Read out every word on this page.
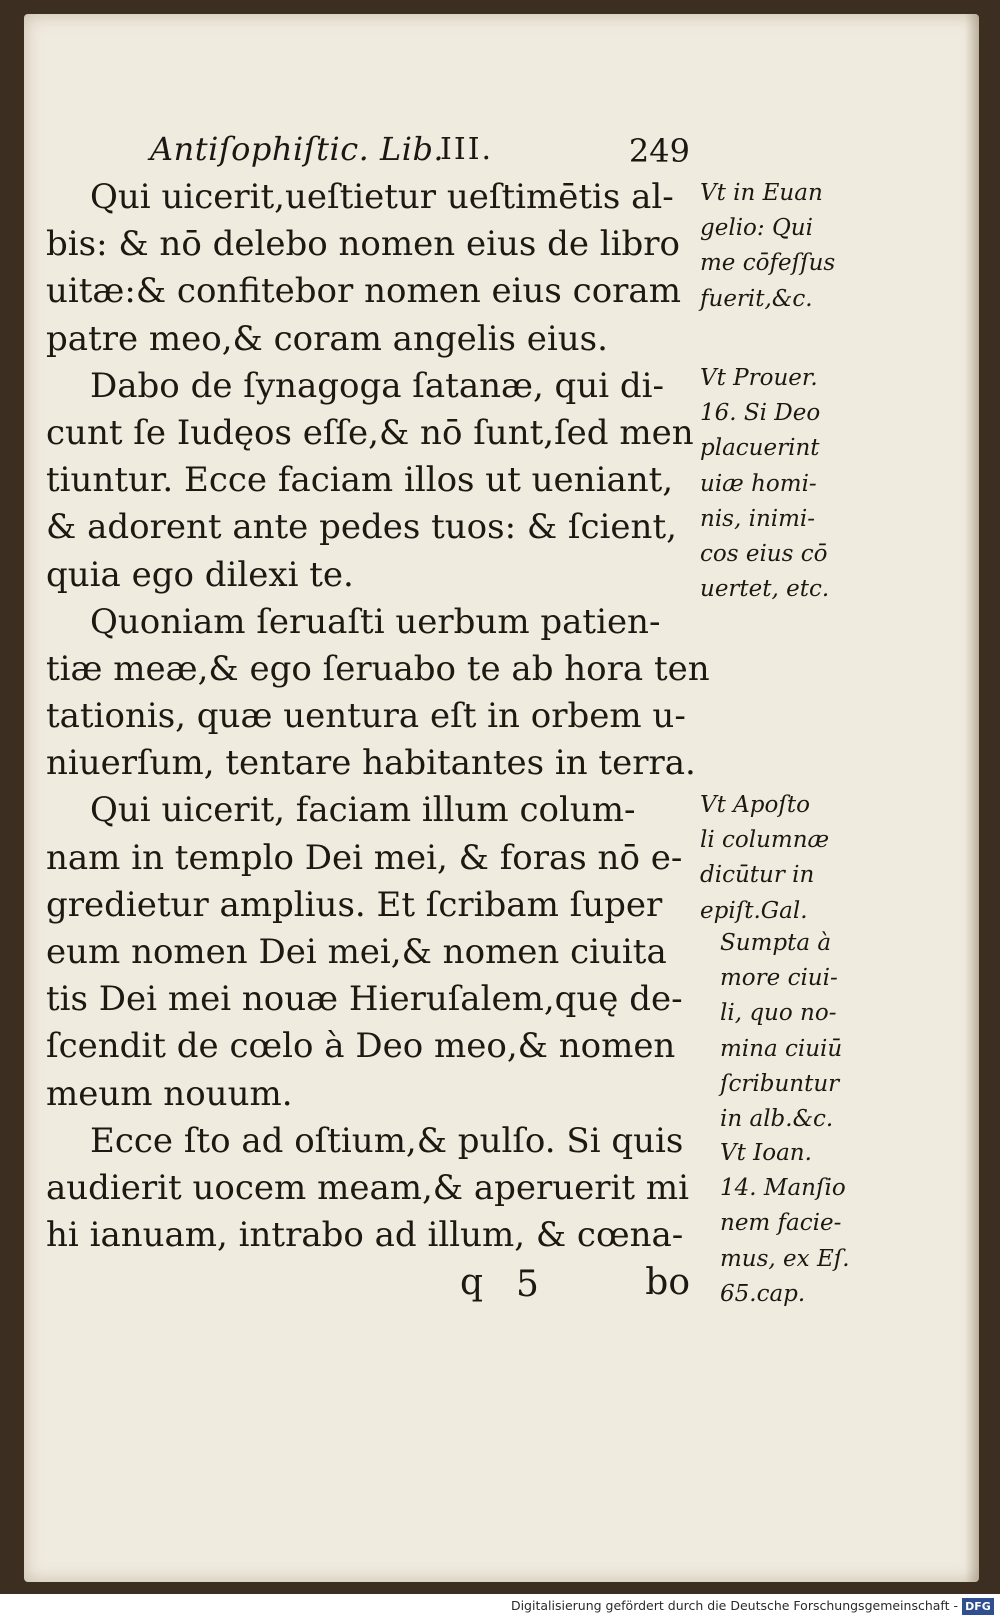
Antiſophiſtic. Lib.
III.	249
Qui uicerit,ueſtietur ueſtimētis al-
bis: & nō delebo nomen eius de libro
uitæ:& confitebor nomen eius coram
patre meo,& coram angelis eius.
Dabo de ſynagoga ſatanæ, qui di-
cunt ſe Iudęos eſſe,& nō ſunt,ſed men
tiuntur. Ecce faciam illos ut ueniant,
& adorent ante pedes tuos: & ſcient,
quia ego dilexi te.
Quoniam ſeruaſti uerbum patien-
tiæ meæ,& ego ſeruabo te ab hora ten
tationis, quæ uentura eſt in orbem u-
niuerſum, tentare habitantes in terra.
Qui uicerit, faciam illum colum-
nam in templo Dei mei, & foras nō e-
gredietur amplius. Et ſcribam ſuper
eum nomen Dei mei,& nomen ciuita
tis Dei mei nouæ Hieruſalem,quę de-
ſcendit de cœlo à Deo meo,& nomen
meum nouum.
Ecce ſto ad oſtium,& pulſo. Si quis
audierit uocem meam,& aperuerit mi
hi ianuam, intrabo ad illum, & cœna-
Vt in Euan
gelio: Qui
me cōfeſſus
fuerit,&c.
Vt Prouer.
16. Si Deo
placuerint
uiæ homi-
nis, inimi-
cos eius cō
uertet, etc.
Vt Apoſto
li columnæ
dicūtur in
epiſt.Gal.
Sumpta à
more ciui-
li, quo no-
mina ciuiū
ſcribuntur
in alb.&c.
Vt Ioan.
14. Manſio
nem facie-
mus, ex Eſ.
65.cap.
q 5	bo
Digitalisierung gefördert durch die Deutsche Forschungsgemeinschaft - DFG
